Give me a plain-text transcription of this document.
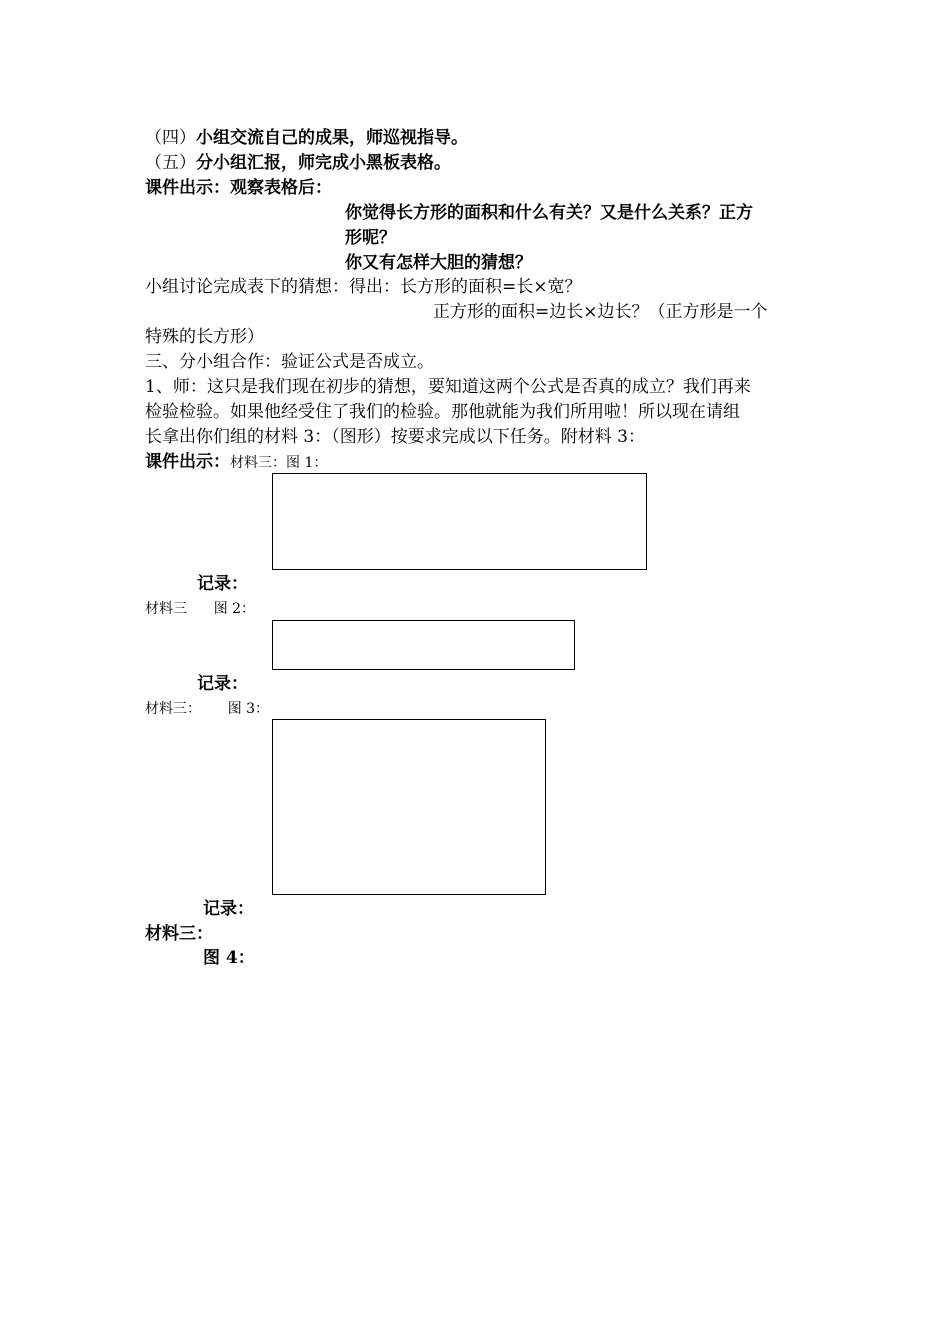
（四）小组交流自己的成果，师巡视指导。
（五）分小组汇报，师完成小黑板表格。
课件出示：观察表格后：
你觉得长方形的面积和什么有关？又是什么关系？正方
形呢？
你又有怎样大胆的猜想？
小组讨论完成表下的猜想：得出：长方形的面积=长×宽？
正方形的面积=边长×边长？（正方形是一个
特殊的长方形）
三、分小组合作：验证公式是否成立。
1、师：这只是我们现在初步的猜想，要知道这两个公式是否真的成立？我们再来
检验检验。如果他经受住了我们的检验。那他就能为我们所用啦！所以现在请组
长拿出你们组的材料 3：（图形）按要求完成以下任务。附材料 3：
课件出示：材料三：图 1：
记录：
材料三      图 2：
记录：
材料三：      图 3：
记录：
材料三：
图 4：
